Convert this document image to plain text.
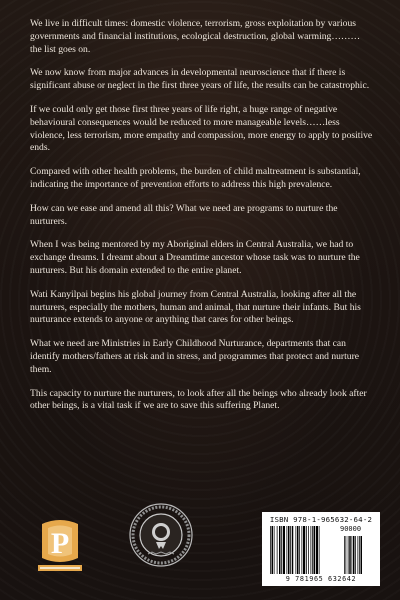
We live in difficult times: domestic violence, terrorism, gross exploitation by various governments and financial institutions, ecological destruction, global warming……… the list goes on.

We now know from major advances in developmental neuroscience that if there is significant abuse or neglect in the first three years of life, the results can be catastrophic.

If we could only get those first three years of life right, a huge range of negative behavioural consequences would be reduced to more manageable levels……less violence, less terrorism, more empathy and compassion, more energy to apply to positive ends.

Compared with other health problems, the burden of child maltreatment is substantial, indicating the importance of prevention efforts to address this high prevalence.

How can we ease and amend all this? What we need are programs to nurture the nurturers.

When I was being mentored by my Aboriginal elders in Central Australia, we had to exchange dreams. I dreamt about a Dreamtime ancestor whose task was to nurture the nurturers. But his domain extended to the entire planet.

Wati Kanyilpai begins his global journey from Central Australia, looking after all the nurturers, especially the mothers, human and animal, that nurture their infants. But his nurturance extends to anyone or anything that cares for other beings.

What we need are Ministries in Early Childhood Nurturance, departments that can identify mothers/fathers at risk and in stress, and programmes that protect and nurture them.

This capacity to nurture the nurturers, to look after all the beings who already look after other beings, is a vital task if we are to save this suffering Planet.

P
ISBN 978-1-965632-64-2
90000
9 781965 632642
